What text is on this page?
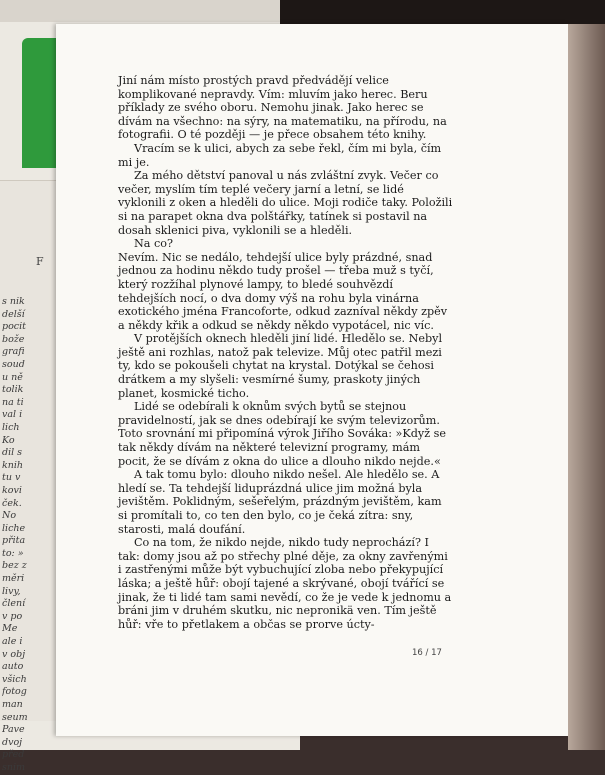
F
s nik
delší
pocit
bože
grafi
soud
u ně
tolik
na ti
val i
lich
Ko
dil s
knih
tu v
kovi
ček.
No
liche
přita
to: »
bez z
měri
livy,
člení
v po
Me
ale i
v obj
auto
všich
fotog
man
seum
Pave
dvoj
před
snim

Jiní nám místo prostých pravd předvádějí velice komplikované nepravdy. Vím: mluvím jako herec. Beru příklady ze svého oboru. Nemohu jinak. Jako herec se dívám na všechno: na sýry, na matematiku, na přírodu, na fotografii. O té později — je přece obsahem této knihy.

Vracím se k ulici, abych za sebe řekl, čím mi byla, čím mi je.

Za mého dětství panoval u nás zvláštní zvyk. Večer co večer, myslím tím teplé večery jarní a letní, se lidé vyklonili z oken a hleděli do ulice. Moji rodiče taky. Položili si na parapet okna dva polštářky, tatínek si postavil na dosah sklenici piva, vyklonili se a hleděli.

Na co?

Nevím. Nic se nedálo, tehdejší ulice byly prázdné, snad jednou za hodinu někdo tudy prošel — třeba muž s tyčí, který rozžíhal plynové lampy, to bledé souhvězdí tehdejších nocí, o dva domy výš na rohu byla vinárna exotického jména Francoforte, odkud zazníval někdy zpěv a někdy křik a odkud se někdy někdo vypotácel, nic víc.

V protějších oknech hleděli jiní lidé. Hledělo se. Nebyl ještě ani rozhlas, natož pak televize. Můj otec patřil mezi ty, kdo se pokoušeli chytat na krystal. Dotýkal se čehosi drátkem a my slyšeli: vesmírné šumy, praskoty jiných planet, kosmické ticho.

Lidé se odebírali k oknům svých bytů se stejnou pravidelností, jak se dnes odebírají ke svým televizorům. Toto srovnání mi připomíná výrok Jiřího Sováka: »Když se tak někdy dívám na některé televizní programy, mám pocit, že se dívám z okna do ulice a dlouho nikdo nejde.«

A tak tomu bylo: dlouho nikdo nešel. Ale hledělo se. A hledí se. Ta tehdejší liduprázdná ulice jim možná byla jevištěm. Poklidným, sešeřelým, prázdným jevištěm, kam si promítali to, co ten den bylo, co je čeká zítra: sny, starosti, malá doufání.

Co na tom, že nikdo nejde, nikdo tudy neprochází? I tak: domy jsou až po střechy plné děje, za okny zavřenými i zastřenými může být vybuchující zloba nebo překypující láska; a ještě hůř: obojí tajené a skrývané, obojí tvářící se jinak, že ti lidé tam sami nevědí, co že je vede k jednomu a bráni jim v druhém skutku, nic nepronikä ven. Tím ještě hůř: vře to přetlakem a občas se prorve úcty-

16 / 17
